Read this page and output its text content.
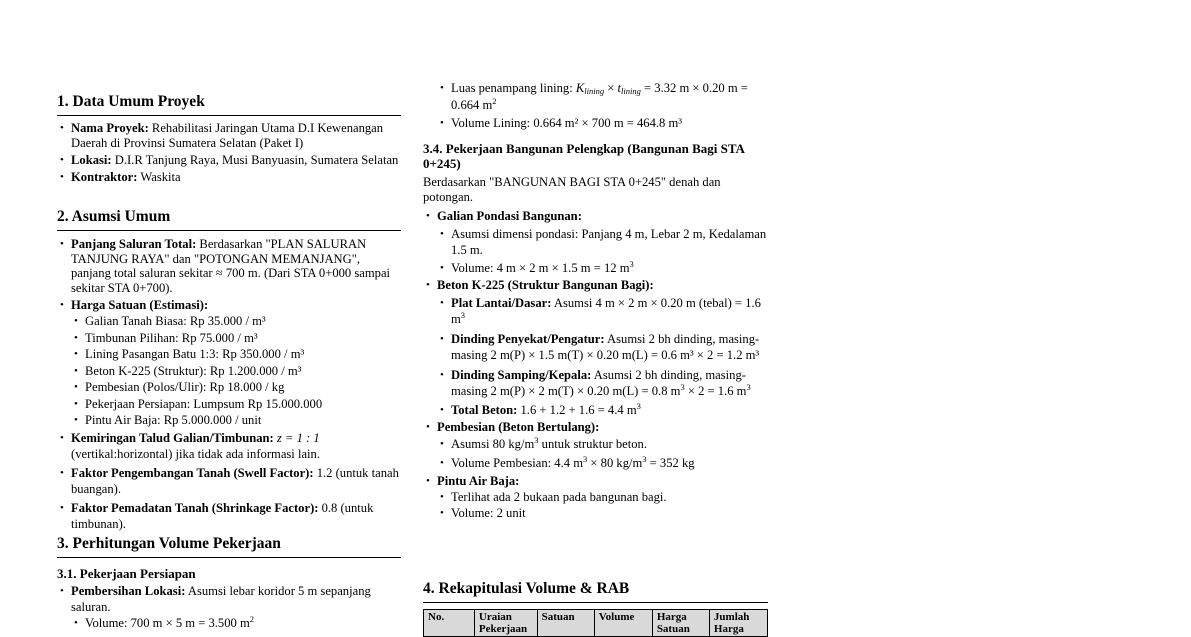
1. Data Umum Proyek
• Nama Proyek: Rehabilitasi Jaringan Utama D.I Kewenangan Daerah di Provinsi Sumatera Selatan (Paket I)
• Lokasi: D.I.R Tanjung Raya, Musi Banyuasin, Sumatera Selatan
• Kontraktor: Waskita
2. Asumsi Umum
• Panjang Saluran Total: Berdasarkan "PLAN SALURAN TANJUNG RAYA" dan "POTONGAN MEMANJANG", panjang total saluran sekitar ≈ 700 m. (Dari STA 0+000 sampai sekitar STA 0+700).
• Harga Satuan (Estimasi):
• Galian Tanah Biasa: Rp 35.000 / m³
• Timbunan Pilihan: Rp 75.000 / m³
• Lining Pasangan Batu 1:3: Rp 350.000 / m³
• Beton K-225 (Struktur): Rp 1.200.000 / m³
• Pembesian (Polos/Ulir): Rp 18.000 / kg
• Pekerjaan Persiapan: Lumpsum Rp 15.000.000
• Pintu Air Baja: Rp 5.000.000 / unit
• Kemiringan Talud Galian/Timbunan: z = 1 : 1
(vertikal:horizontal) jika tidak ada informasi lain.
• Faktor Pengembangan Tanah (Swell Factor): 1.2 (untuk tanah buangan).
• Faktor Pemadatan Tanah (Shrinkage Factor): 0.8 (untuk timbunan).
3. Perhitungan Volume Pekerjaan
3.1. Pekerjaan Persiapan
• Pembersihan Lokasi: Asumsi lebar koridor 5 m sepanjang saluran.
• Volume: 700 m × 5 m = 3.500 $m^2$
• Luas penampang lining: $K_{lining} \times t_{lining} = 3.32$ m × 0.20 m = 0.664 $m^2$
• Volume Lining: 0.664 m² × 700 m = 464.8 m³
3.4. Pekerjaan Bangunan Pelengkap (Bangunan Bagi STA 0+245)

Berdasarkan "BANGUNAN BAGI STA 0+245" denah dan potongan.

• Galian Pondasi Bangunan:
• Asumsi dimensi pondasi: Panjang 4 m, Lebar 2 m, Kedalaman 1.5 m.
• Volume: 4 m × 2 m × 1.5 m = 12 $m^3$
• Beton K-225 (Struktur Bangunan Bagi):
• Plat Lantai/Dasar: Asumsi 4 m × 2 m × 0.20 m (tebal) = 1.6 $m^3$
• Dinding Penyekat/Pengatur: Asumsi 2 bh dinding, masing-masing 2 m(P) × 1.5 m(T) × 0.20 m(L) = 0.6 m³ × 2 = 1.2 m³
• Dinding Samping/Kepala: Asumsi 2 bh dinding, masing-masing 2 m(P) × 2 m(T) × 0.20 m(L) = 0.8 $m^3 \times 2 = 1.6$ $m^3$
• Total Beton: 1.6 + 1.2 + 1.6 = 4.4 $m^3$
• Pembesian (Beton Bertulang):
• Asumsi 80 $kg/m^3$ untuk struktur beton.
• Volume Pembesian: 4.4 $m^3 \times 80$ $kg/m^3 = 352$ kg
• Pintu Air Baja:
• Terlihat ada 2 bukaan pada bangunan bagi.
• Volume: 2 unit
4. Rekapitulasi Volume & RAB
No.	Uraian Pekerjaan	Satuan	Volume	Harga Satuan	Jumlah Harga
